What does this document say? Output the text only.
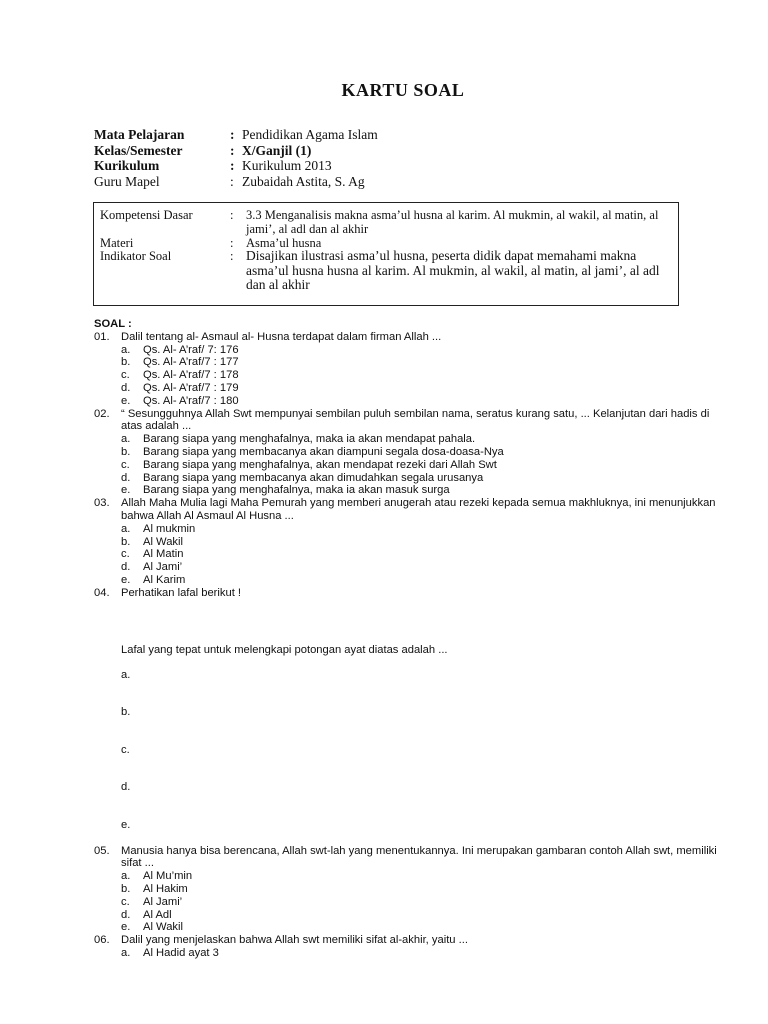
KARTU SOAL
Mata Pelajaran	: Pendidikan Agama Islam
Kelas/Semester	: X/Ganjil (1)
Kurikulum	: Kurikulum 2013
Guru Mapel	: Zubaidah Astita, S. Ag
Kompetensi Dasar	:	3.3 Menganalisis makna asma’ul husna al karim. Al mukmin, al wakil, al matin, al jami’, al adl dan al akhir
Materi	:	Asma’ul husna
Indikator Soal	: Disajikan ilustrasi asma’ul husna, peserta didik dapat memahami makna asma’ul husna husna al karim. Al mukmin, al wakil, al matin, al jami’, al adl dan al akhir
SOAL :
01.	Dalil tentang al- Asmaul al- Husna terdapat dalam firman Allah ...
a.	Qs. Al- A’raf/ 7: 176
b.	Qs. Al- A’raf/7 : 177
c.	Qs. Al- A’raf/7 : 178
d.	Qs. Al- A’raf/7 : 179
e.	Qs. Al- A’raf/7 : 180
02.	“ Sesungguhnya Allah Swt mempunyai sembilan puluh sembilan nama, seratus kurang satu, ... Kelanjutan dari hadis di atas adalah ...
a.	Barang siapa yang menghafalnya, maka ia akan mendapat pahala.
b.	Barang siapa yang membacanya akan diampuni segala dosa-doasa-Nya
c.	Barang siapa yang menghafalnya, akan mendapat rezeki dari Allah Swt
d.	Barang siapa yang membacanya akan dimudahkan segala urusanya
e.	Barang siapa yang menghafalnya, maka ia akan masuk surga
03.	Allah Maha Mulia lagi Maha Pemurah yang memberi anugerah atau rezeki kepada semua makhluknya, ini menunjukkan bahwa Allah Al Asmaul Al Husna ...
a.	Al mukmin
b.	Al Wakil
c.	Al Matin
d.	Al Jami’
e.	Al Karim
04.	Perhatikan lafal berikut !
Lafal yang tepat untuk melengkapi potongan ayat diatas adalah ...
a.
b.
c.
d.
e.
05.	Manusia hanya bisa berencana, Allah swt-lah yang menentukannya. Ini merupakan gambaran contoh Allah swt, memiliki sifat ...
a.	Al Mu’min
b.	Al Hakim
c.	Al Jami’
d.	Al Adl
e.	Al Wakil
06.	Dalil yang menjelaskan bahwa Allah swt memiliki sifat al-akhir, yaitu ...
a.	Al Hadid ayat 3
